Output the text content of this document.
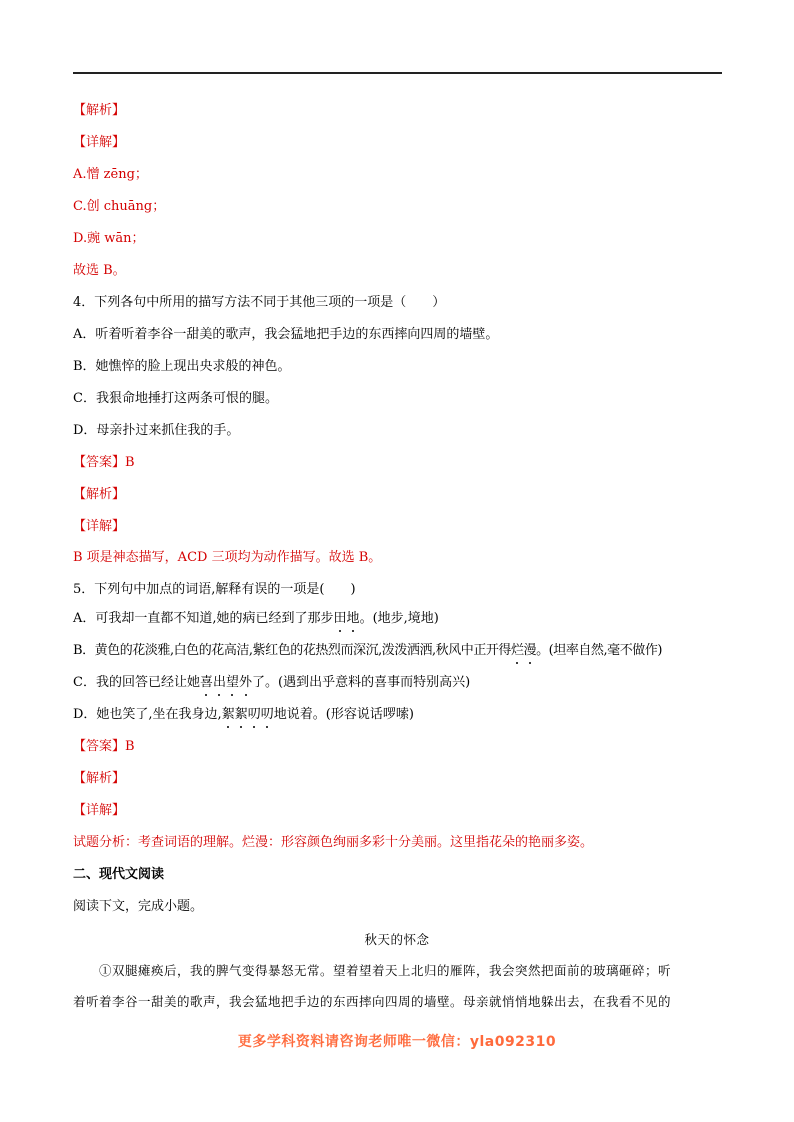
【解析】
【详解】
A.憎 zēng；
C.创 chuāng；
D.豌 wān；
故选 B。
4．下列各句中所用的描写方法不同于其他三项的一项是（　　）
A．听着听着李谷一甜美的歌声，我会猛地把手边的东西摔向四周的墙壁。
B．她憔悴的脸上现出央求般的神色。
C．我狠命地捶打这两条可恨的腿。
D．母亲扑过来抓住我的手。
【答案】B
【解析】
【详解】
B 项是神态描写，ACD 三项均为动作描写。故选 B。
5．下列句中加点的词语,解释有误的一项是(　　)
A．可我却一直都不知道,她的病已经到了那步田地。(地步,境地)
B．黄色的花淡雅,白色的花高洁,紫红色的花热烈而深沉,泼泼洒洒,秋风中正开得烂漫。(坦率自然,毫不做作)
C．我的回答已经让她喜出望外了。(遇到出乎意料的喜事而特别高兴)
D．她也笑了,坐在我身边,絮絮叨叨地说着。(形容说话啰嗦)
【答案】B
【解析】
【详解】
试题分析：考查词语的理解。烂漫：形容颜色绚丽多彩十分美丽。这里指花朵的艳丽多姿。
二、现代文阅读
阅读下文，完成小题。
秋天的怀念
　　①双腿瘫痪后，我的脾气变得暴怒无常。望着望着天上北归的雁阵，我会突然把面前的玻璃砸碎；听
着听着李谷一甜美的歌声，我会猛地把手边的东西摔向四周的墙壁。母亲就悄悄地躲出去，在我看不见的
更多学科资料请咨询老师唯一微信：yla092310
